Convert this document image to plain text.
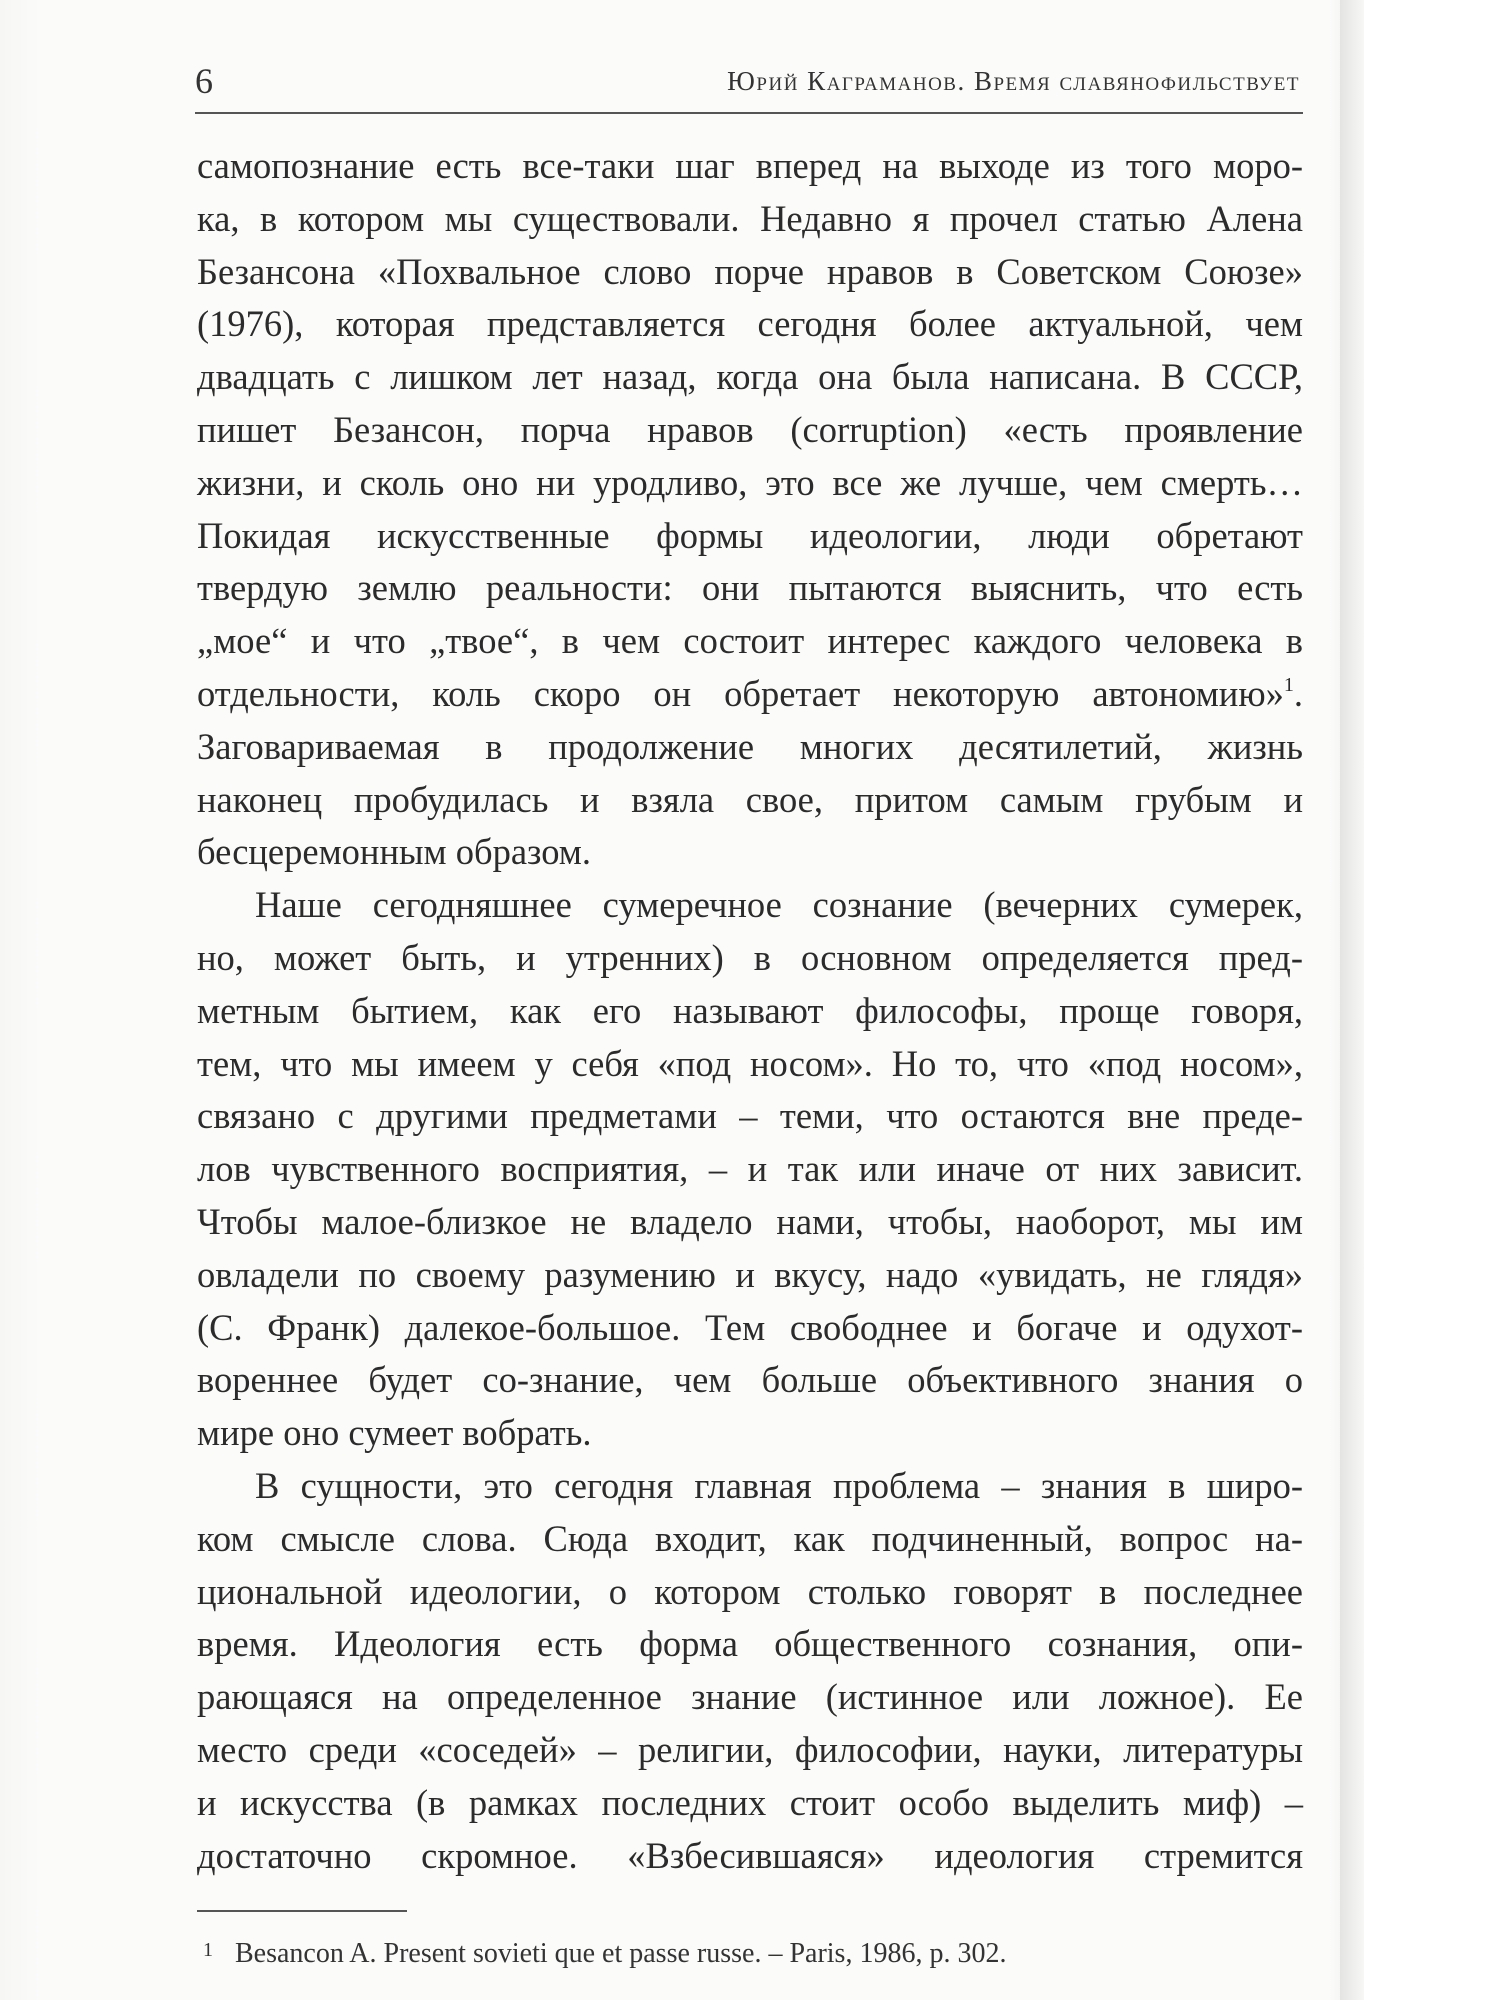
6	Юрий Каграманов. Время славянофильствует
самопознание есть все-таки шаг вперед на выходе из того моро-
ка, в котором мы существовали. Недавно я прочел статью Алена
Безансона «Похвальное слово порче нравов в Советском Союзе»
(1976), которая представляется сегодня более актуальной, чем
двадцать с лишком лет назад, когда она была написана. В СССР,
пишет Безансон, порча нравов (corruption) «есть проявление
жизни, и сколь оно ни уродливо, это все же лучше, чем смерть…
Покидая искусственные формы идеологии, люди обретают
твердую землю реальности: они пытаются выяснить, что есть
„мое“ и что „твое“, в чем состоит интерес каждого человека в
отдельности, коль скоро он обретает некоторую автономию»$^1$.
Заговариваемая в продолжение многих десятилетий, жизнь
наконец пробудилась и взяла свое, притом самым грубым и
бесцеремонным образом.
Наше сегодняшнее сумеречное сознание (вечерних сумерек,
но, может быть, и утренних) в основном определяется пред-
метным бытием, как его называют философы, проще говоря,
тем, что мы имеем у себя «под носом». Но то, что «под носом»,
связано с другими предметами – теми, что остаются вне преде-
лов чувственного восприятия, – и так или иначе от них зависит.
Чтобы малое-близкое не владело нами, чтобы, наоборот, мы им
овладели по своему разумению и вкусу, надо «увидать, не глядя»
(С. Франк) далекое-большое. Тем свободнее и богаче и одухот-
вореннее будет со-знание, чем больше объективного знания о
мире оно сумеет вобрать.
В сущности, это сегодня главная проблема – знания в широ-
ком смысле слова. Сюда входит, как подчиненный, вопрос на-
циональной идеологии, о котором столько говорят в последнее
время. Идеология есть форма общественного сознания, опи-
рающаяся на определенное знание (истинное или ложное). Ее
место среди «соседей» – религии, философии, науки, литературы
и искусства (в рамках последних стоит особо выделить миф) –
достаточно скромное. «Взбесившаяся» идеология стремится
$^1$ Besancon A. Present sovieti que et passe russe. – Paris, 1986, p. 302.
